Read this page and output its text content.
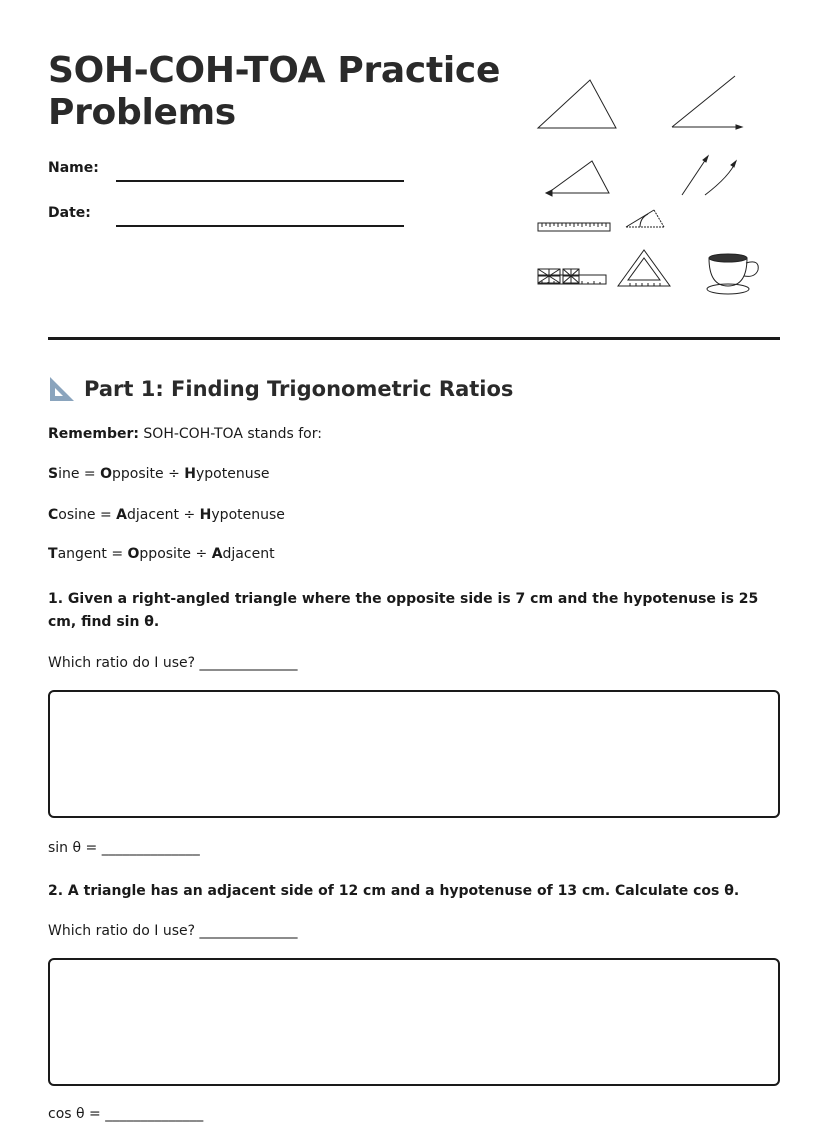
SOH-COH-TOA Practice Problems
Name:
Date:
Part 1: Finding Trigonometric Ratios
Remember: SOH-COH-TOA stands for:
Sine = Opposite ÷ Hypotenuse
Cosine = Adjacent ÷ Hypotenuse
Tangent = Opposite ÷ Adjacent
1. Given a right-angled triangle where the opposite side is 7 cm and the hypotenuse is 25 cm, find sin θ.
Which ratio do I use? ______________
sin θ = ______________
2. A triangle has an adjacent side of 12 cm and a hypotenuse of 13 cm. Calculate cos θ.
Which ratio do I use? ______________
cos θ = ______________
